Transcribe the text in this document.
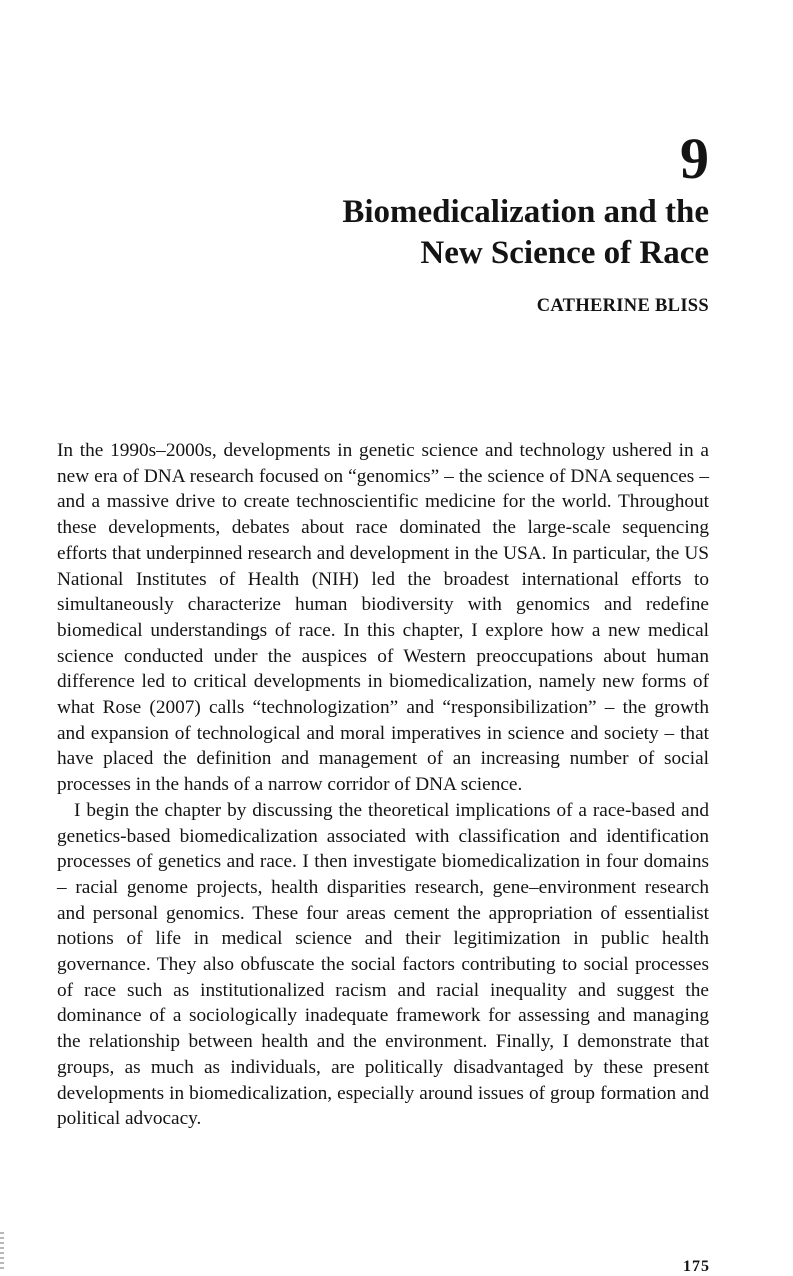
9
Biomedicalization and the
New Science of Race
CATHERINE BLISS

In the 1990s–2000s, developments in genetic science and technology ushered in a new era of DNA research focused on “genomics” – the science of DNA sequences – and a massive drive to create technoscientific medicine for the world. Throughout these developments, debates about race dominated the large-scale sequencing efforts that underpinned research and development in the USA. In particular, the US National Institutes of Health (NIH) led the broadest international efforts to simultaneously characterize human biodiversity with genomics and redefine biomedical understandings of race. In this chapter, I explore how a new medical science conducted under the auspices of Western preoccupations about human difference led to critical developments in biomedicalization, namely new forms of what Rose (2007) calls “technologization” and “responsibilization” – the growth and expansion of technological and moral imperatives in science and society – that have placed the definition and management of an increasing number of social processes in the hands of a narrow corridor of DNA science.

I begin the chapter by discussing the theoretical implications of a race-based and genetics-based biomedicalization associated with classification and identification processes of genetics and race. I then investigate biomedicalization in four domains – racial genome projects, health disparities research, gene–environment research and personal genomics. These four areas cement the appropriation of essentialist notions of life in medical science and their legitimization in public health governance. They also obfuscate the social factors contributing to social processes of race such as institutionalized racism and racial inequality and suggest the dominance of a sociologically inadequate framework for assessing and managing the relationship between health and the environment. Finally, I demonstrate that groups, as much as individuals, are politically disadvantaged by these present developments in biomedicalization, especially around issues of group formation and political advocacy.

175
